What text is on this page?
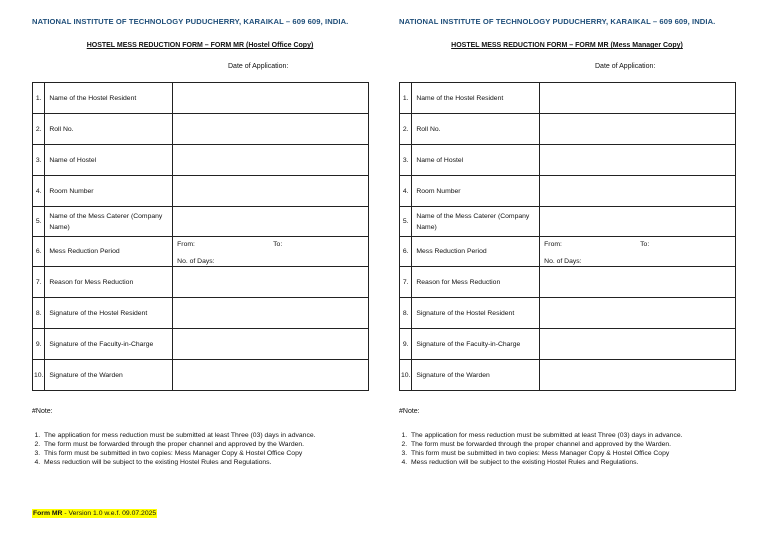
NATIONAL INSTITUTE OF TECHNOLOGY PUDUCHERRY, KARAIKAL – 609 609, INDIA.
HOSTEL MESS REDUCTION FORM – FORM MR (Hostel Office Copy)
Date of Application:
1.	Name of the Hostel Resident	
2.	Roll No.	
3.	Name of Hostel	
4.	Room Number	
5.	Name of the Mess Caterer (Company Name)	
6.	Mess Reduction Period	From: To:
No. of Days:

7.	Reason for Mess Reduction	
8.	Signature of the Hostel Resident	
9.	Signature of the Faculty-in-Charge	
10.	Signature of the Warden	
#Note:
1. The application for mess reduction must be submitted at least Three (03) days in advance.
2. The form must be forwarded through the proper channel and approved by the Warden.
3. This form must be submitted in two copies: Mess Manager Copy & Hostel Office Copy
4. Mess reduction will be subject to the existing Hostel Rules and Regulations.
NATIONAL INSTITUTE OF TECHNOLOGY PUDUCHERRY, KARAIKAL – 609 609, INDIA.
HOSTEL MESS REDUCTION FORM – FORM MR (Mess Manager Copy)
Date of Application:
1.	Name of the Hostel Resident	
2.	Roll No.	
3.	Name of Hostel	
4.	Room Number	
5.	Name of the Mess Caterer (Company Name)	
6.	Mess Reduction Period	From: To:
No. of Days:

7.	Reason for Mess Reduction	
8.	Signature of the Hostel Resident	
9.	Signature of the Faculty-in-Charge	
10.	Signature of the Warden	
#Note:
1. The application for mess reduction must be submitted at least Three (03) days in advance.
2. The form must be forwarded through the proper channel and approved by the Warden.
3. This form must be submitted in two copies: Mess Manager Copy & Hostel Office Copy
4. Mess reduction will be subject to the existing Hostel Rules and Regulations.
Form MR - Version 1.0 w.e.f. 09.07.2025
